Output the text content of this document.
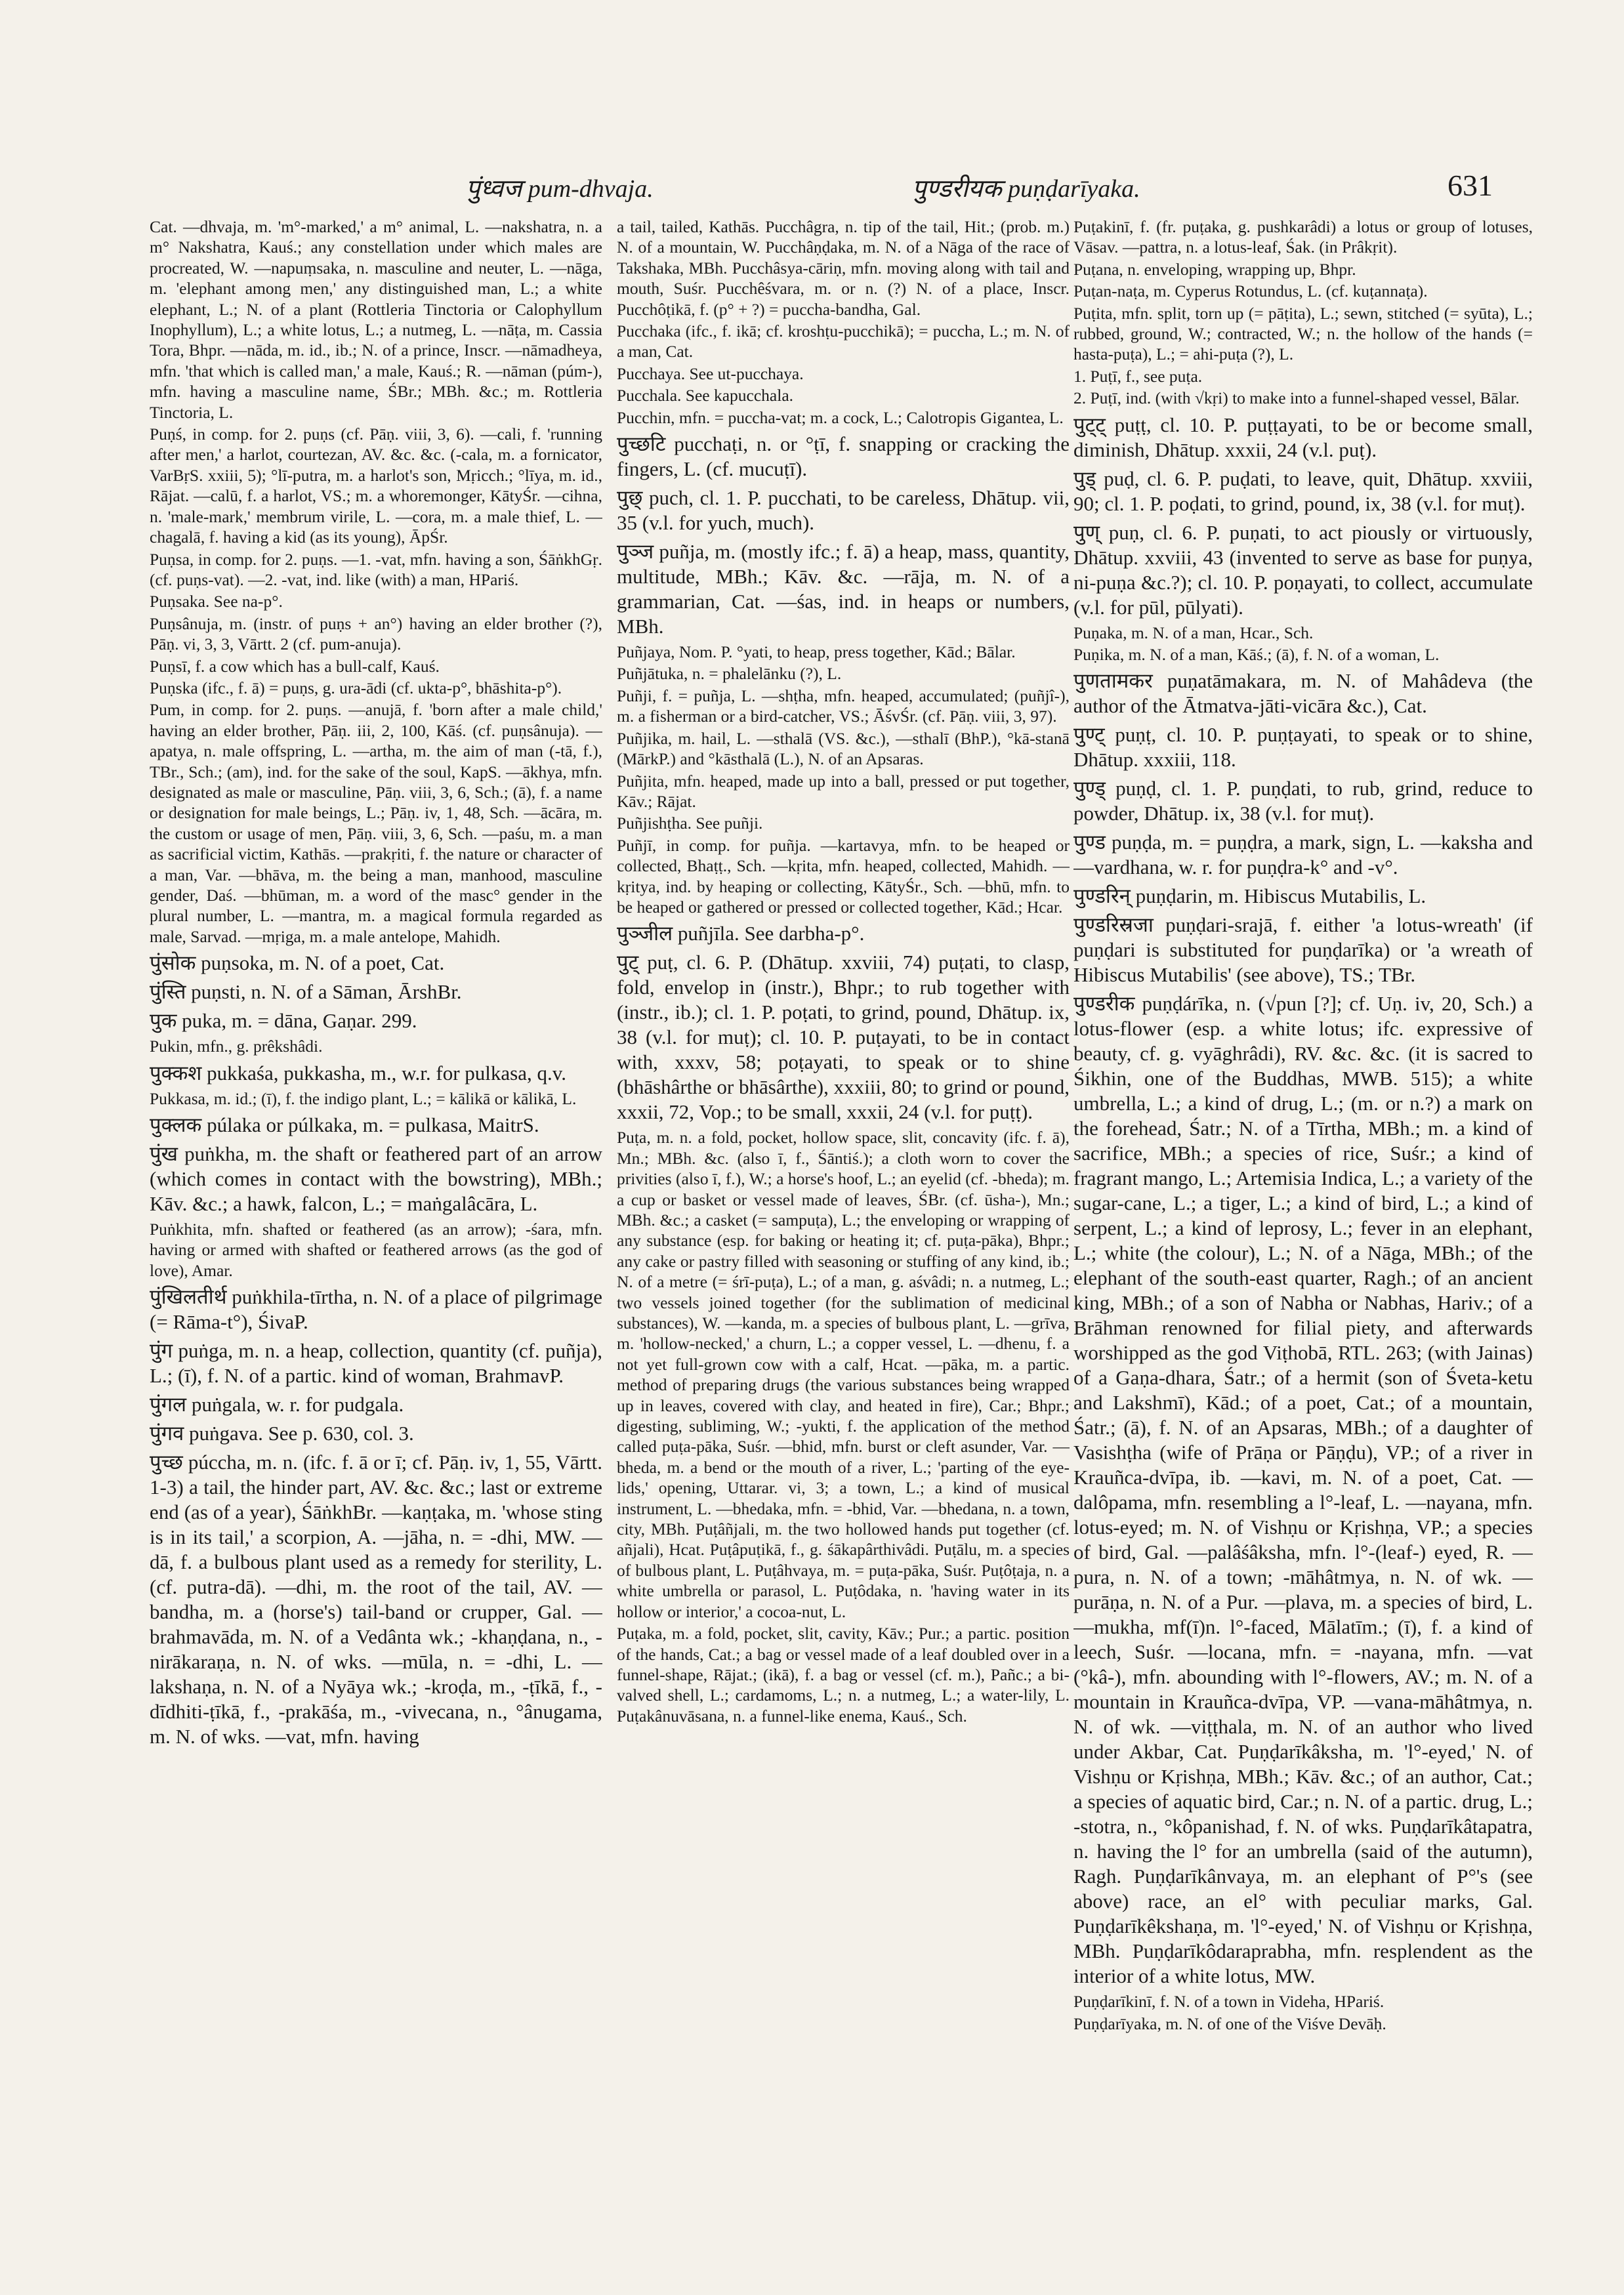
पुंध्वज pum-dhvaja.	पुण्डरीयक puṇḍarīyaka.	631

Cat. —dhvaja, m. 'm°-marked,' a m° animal, L. —nakshatra, n. a m° Nakshatra, Kauś.; any constellation under which males are procreated, W. —napuṃsaka, n. masculine and neuter, L. —nāga, m. 'elephant among men,' any distinguished man, L.; a white elephant, L.; N. of a plant (Rottleria Tinctoria or Calophyllum Inophyllum), L.; a white lotus, L.; a nutmeg, L. —nāṭa, m. Cassia Tora, Bhpr. —nāda, m. id., ib.; N. of a prince, Inscr. —nāmadheya, mfn. 'that which is called man,' a male, Kauś.; R. —nāman (púm-), mfn. having a masculine name, ŚBr.; MBh. &c.; m. Rottleria Tinctoria, L.

Puṇś, in comp. for 2. puṇs (cf. Pāṇ. viii, 3, 6). —cali, f. 'running after men,' a harlot, courtezan, AV. &c. &c. (-cala, m. a fornicator, VarBṛS. xxiii, 5); °lī-putra, m. a harlot's son, Mṛicch.; °līya, m. id., Rājat. —calū, f. a harlot, VS.; m. a whoremonger, KātyŚr. —cihna, n. 'male-mark,' membrum virile, L. —cora, m. a male thief, L. —chagalā, f. having a kid (as its young), ĀpŚr.

Puṇsa, in comp. for 2. puṇs. —1. -vat, mfn. having a son, ŚāṅkhGṛ. (cf. puṇs-vat). —2. -vat, ind. like (with) a man, HPariś.

Puṇsaka. See na-p°.

Puṇsânuja, m. (instr. of puṇs + an°) having an elder brother (?), Pāṇ. vi, 3, 3, Vārtt. 2 (cf. pum-anuja).

Puṇsī, f. a cow which has a bull-calf, Kauś.

Puṇska (ifc., f. ā) = puṇs, g. ura-ādi (cf. ukta-p°, bhāshita-p°).

Pum, in comp. for 2. puṇs. —anujā, f. 'born after a male child,' having an elder brother, Pāṇ. iii, 2, 100, Kāś. (cf. puṇsânuja). —apatya, n. male offspring, L. —artha, m. the aim of man (-tā, f.), TBr., Sch.; (am), ind. for the sake of the soul, KapS. —ākhya, mfn. designated as male or masculine, Pāṇ. viii, 3, 6, Sch.; (ā), f. a name or designation for male beings, L.; Pāṇ. iv, 1, 48, Sch. —ācāra, m. the custom or usage of men, Pāṇ. viii, 3, 6, Sch. —paśu, m. a man as sacrificial victim, Kathās. —prakṛiti, f. the nature or character of a man, Var. —bhāva, m. the being a man, manhood, masculine gender, Daś. —bhūman, m. a word of the masc° gender in the plural number, L. —mantra, m. a magical formula regarded as male, Sarvad. —mṛiga, m. a male antelope, Mahidh.

पुंसोक puṇsoka, m. N. of a poet, Cat.

पुंस्ति puṇsti, n. N. of a Sāman, ĀrshBr.

पुक puka, m. = dāna, Gaṇar. 299.

Pukin, mfn., g. prêkshâdi.

पुक्कश pukkaśa, pukkasha, m., w.r. for pulkasa, q.v.

Pukkasa, m. id.; (ī), f. the indigo plant, L.; = kālikā or kālikā, L.

पुक्लक púlaka or púlkaka, m. = pulkasa, MaitrS.

पुंख puṅkha, m. the shaft or feathered part of an arrow (which comes in contact with the bowstring), MBh.; Kāv. &c.; a hawk, falcon, L.; = maṅgalâcāra, L.

Puṅkhita, mfn. shafted or feathered (as an arrow); -śara, mfn. having or armed with shafted or feathered arrows (as the god of love), Amar.

पुंखिलतीर्थ puṅkhila-tīrtha, n. N. of a place of pilgrimage (= Rāma-t°), ŚivaP.

पुंग puṅga, m. n. a heap, collection, quantity (cf. puñja), L.; (ī), f. N. of a partic. kind of woman, BrahmavP.

पुंगल puṅgala, w. r. for pudgala.

पुंगव puṅgava. See p. 630, col. 3.

पुच्छ púccha, m. n. (ifc. f. ā or ī; cf. Pāṇ. iv, 1, 55, Vārtt. 1-3) a tail, the hinder part, AV. &c. &c.; last or extreme end (as of a year), ŚāṅkhBr. —kaṇṭaka, m. 'whose sting is in its tail,' a scorpion, A. —jāha, n. = -dhi, MW. —dā, f. a bulbous plant used as a remedy for sterility, L. (cf. putra-dā). —dhi, m. the root of the tail, AV. —bandha, m. a (horse's) tail-band or crupper, Gal. —brahmavāda, m. N. of a Vedânta wk.; -khaṇḍana, n., -nirākaraṇa, n. N. of wks. —mūla, n. = -dhi, L. —lakshaṇa, n. N. of a Nyāya wk.; -kroḍa, m., -ṭīkā, f., -dīdhiti-ṭīkā, f., -prakāśa, m., -vivecana, n., °ânugama, m. N. of wks. —vat, mfn. having

a tail, tailed, Kathās. Pucchâgra, n. tip of the tail, Hit.; (prob. m.) N. of a mountain, W. Pucchâṇḍaka, m. N. of a Nāga of the race of Takshaka, MBh. Pucchâsya-cāriṇ, mfn. moving along with tail and mouth, Suśr. Pucchêśvara, m. or n. (?) N. of a place, Inscr. Pucchôṭikā, f. (p° + ?) = puccha-bandha, Gal.

Pucchaka (ifc., f. ikā; cf. kroshṭu-pucchikā); = puccha, L.; m. N. of a man, Cat.

Pucchaya. See ut-pucchaya.

Pucchala. See kapucchala.

Pucchin, mfn. = puccha-vat; m. a cock, L.; Calotropis Gigantea, L.

पुच्छटि pucchaṭi, n. or °ṭī, f. snapping or cracking the fingers, L. (cf. mucuṭī).

पुछ् puch, cl. 1. P. pucchati, to be careless, Dhātup. vii, 35 (v.l. for yuch, much).

पुञ्ज puñja, m. (mostly ifc.; f. ā) a heap, mass, quantity, multitude, MBh.; Kāv. &c. —rāja, m. N. of a grammarian, Cat. —śas, ind. in heaps or numbers, MBh.

Puñjaya, Nom. P. °yati, to heap, press together, Kād.; Bālar.

Puñjātuka, n. = phalelānku (?), L.

Puñji, f. = puñja, L. —shṭha, mfn. heaped, accumulated; (puñjî-), m. a fisherman or a bird-catcher, VS.; ĀśvŚr. (cf. Pāṇ. viii, 3, 97).

Puñjika, m. hail, L. —sthalā (VS. &c.), —sthalī (BhP.), °kā-stanā (MārkP.) and °kāsthalā (L.), N. of an Apsaras.

Puñjita, mfn. heaped, made up into a ball, pressed or put together, Kāv.; Rājat.

Puñjishṭha. See puñji.

Puñjī, in comp. for puñja. —kartavya, mfn. to be heaped or collected, Bhaṭṭ., Sch. —kṛita, mfn. heaped, collected, Mahidh. —kṛitya, ind. by heaping or collecting, KātyŚr., Sch. —bhū, mfn. to be heaped or gathered or pressed or collected together, Kād.; Hcar.

पुञ्जील puñjīla. See darbha-p°.

पुट् puṭ, cl. 6. P. (Dhātup. xxviii, 74) puṭati, to clasp, fold, envelop in (instr.), Bhpr.; to rub together with (instr., ib.); cl. 1. P. poṭati, to grind, pound, Dhātup. ix, 38 (v.l. for muṭ); cl. 10. P. puṭayati, to be in contact with, xxxv, 58; poṭayati, to speak or to shine (bhāshârthe or bhāsârthe), xxxiii, 80; to grind or pound, xxxii, 72, Vop.; to be small, xxxii, 24 (v.l. for puṭṭ).

Puṭa, m. n. a fold, pocket, hollow space, slit, concavity (ifc. f. ā), Mn.; MBh. &c. (also ī, f., Śāntiś.); a cloth worn to cover the privities (also ī, f.), W.; a horse's hoof, L.; an eyelid (cf. -bheda); m. a cup or basket or vessel made of leaves, ŚBr. (cf. ūsha-), Mn.; MBh. &c.; a casket (= sampuṭa), L.; the enveloping or wrapping of any substance (esp. for baking or heating it; cf. puṭa-pāka), Bhpr.; any cake or pastry filled with seasoning or stuffing of any kind, ib.; N. of a metre (= śrī-puṭa), L.; of a man, g. aśvâdi; n. a nutmeg, L.; two vessels joined together (for the sublimation of medicinal substances), W. —kanda, m. a species of bulbous plant, L. —grīva, m. 'hollow-necked,' a churn, L.; a copper vessel, L. —dhenu, f. a not yet full-grown cow with a calf, Hcat. —pāka, m. a partic. method of preparing drugs (the various substances being wrapped up in leaves, covered with clay, and heated in fire), Car.; Bhpr.; digesting, subliming, W.; -yukti, f. the application of the method called puṭa-pāka, Suśr. —bhid, mfn. burst or cleft asunder, Var. —bheda, m. a bend or the mouth of a river, L.; 'parting of the eye-lids,' opening, Uttarar. vi, 3; a town, L.; a kind of musical instrument, L. —bhedaka, mfn. = -bhid, Var. —bhedana, n. a town, city, MBh. Puṭâñjali, m. the two hollowed hands put together (cf. añjali), Hcat. Puṭâpuṭikā, f., g. śākapârthivâdi. Puṭālu, m. a species of bulbous plant, L. Puṭâhvaya, m. = puṭa-pāka, Suśr. Puṭôṭaja, n. a white umbrella or parasol, L. Puṭôdaka, n. 'having water in its hollow or interior,' a cocoa-nut, L.

Puṭaka, m. a fold, pocket, slit, cavity, Kāv.; Pur.; a partic. position of the hands, Cat.; a bag or vessel made of a leaf doubled over in a funnel-shape, Rājat.; (ikā), f. a bag or vessel (cf. m.), Pañc.; a bi-valved shell, L.; cardamoms, L.; n. a nutmeg, L.; a water-lily, L. Puṭakânuvāsana, n. a funnel-like enema, Kauś., Sch.

Puṭakinī, f. (fr. puṭaka, g. pushkarâdi) a lotus or group of lotuses, Vāsav. —pattra, n. a lotus-leaf, Śak. (in Prâkṛit).

Puṭana, n. enveloping, wrapping up, Bhpr.

Puṭan-naṭa, m. Cyperus Rotundus, L. (cf. kuṭannaṭa).

Puṭita, mfn. split, torn up (= pāṭita), L.; sewn, stitched (= syūta), L.; rubbed, ground, W.; contracted, W.; n. the hollow of the hands (= hasta-puṭa), L.; = ahi-puṭa (?), L.

1. Puṭī, f., see puṭa.

2. Puṭī, ind. (with √kṛi) to make into a funnel-shaped vessel, Bālar.

पुट्ट् puṭṭ, cl. 10. P. puṭṭayati, to be or become small, diminish, Dhātup. xxxii, 24 (v.l. puṭ).

पुड् puḍ, cl. 6. P. puḍati, to leave, quit, Dhātup. xxviii, 90; cl. 1. P. poḍati, to grind, pound, ix, 38 (v.l. for muṭ).

पुण् puṇ, cl. 6. P. puṇati, to act piously or virtuously, Dhātup. xxviii, 43 (invented to serve as base for puṇya, ni-puṇa &c.?); cl. 10. P. poṇayati, to collect, accumulate (v.l. for pūl, pūlyati).

Puṇaka, m. N. of a man, Hcar., Sch.

Puṇika, m. N. of a man, Kāś.; (ā), f. N. of a woman, L.

पुणतामकर puṇatāmakara, m. N. of Mahâdeva (the author of the Ātmatva-jāti-vicāra &c.), Cat.

पुण्ट् puṇṭ, cl. 10. P. puṇṭayati, to speak or to shine, Dhātup. xxxiii, 118.

पुण्ड् puṇḍ, cl. 1. P. puṇḍati, to rub, grind, reduce to powder, Dhātup. ix, 38 (v.l. for muṭ).

पुण्ड puṇḍa, m. = puṇḍra, a mark, sign, L. —kaksha and —vardhana, w. r. for puṇḍra-k° and -v°.

पुण्डरिन् puṇḍarin, m. Hibiscus Mutabilis, L.

पुण्डरिस्रजा puṇḍari-srajā, f. either 'a lotus-wreath' (if puṇḍari is substituted for puṇḍarīka) or 'a wreath of Hibiscus Mutabilis' (see above), TS.; TBr.

पुण्डरीक puṇḍárīka, n. (√pun [?]; cf. Uṇ. iv, 20, Sch.) a lotus-flower (esp. a white lotus; ifc. expressive of beauty, cf. g. vyāghrâdi), RV. &c. &c. (it is sacred to Śikhin, one of the Buddhas, MWB. 515); a white umbrella, L.; a kind of drug, L.; (m. or n.?) a mark on the forehead, Śatr.; N. of a Tīrtha, MBh.; m. a kind of sacrifice, MBh.; a species of rice, Suśr.; a kind of fragrant mango, L.; Artemisia Indica, L.; a variety of the sugar-cane, L.; a tiger, L.; a kind of bird, L.; a kind of serpent, L.; a kind of leprosy, L.; fever in an elephant, L.; white (the colour), L.; N. of a Nāga, MBh.; of the elephant of the south-east quarter, Ragh.; of an ancient king, MBh.; of a son of Nabha or Nabhas, Hariv.; of a Brāhman renowned for filial piety, and afterwards worshipped as the god Viṭhobā, RTL. 263; (with Jainas) of a Gaṇa-dhara, Śatr.; of a hermit (son of Śveta-ketu and Lakshmī), Kād.; of a poet, Cat.; of a mountain, Śatr.; (ā), f. N. of an Apsaras, MBh.; of a daughter of Vasishṭha (wife of Prāṇa or Pāṇḍu), VP.; of a river in Krauñca-dvīpa, ib. —kavi, m. N. of a poet, Cat. —dalôpama, mfn. resembling a l°-leaf, L. —nayana, mfn. lotus-eyed; m. N. of Vishṇu or Kṛishṇa, VP.; a species of bird, Gal. —palâśâksha, mfn. l°-(leaf-) eyed, R. —pura, n. N. of a town; -māhâtmya, n. N. of wk. —purāṇa, n. N. of a Pur. —plava, m. a species of bird, L. —mukha, mf(ī)n. l°-faced, Mālatīm.; (ī), f. a kind of leech, Suśr. —locana, mfn. = -nayana, mfn. —vat (°kâ-), mfn. abounding with l°-flowers, AV.; m. N. of a mountain in Krauñca-dvīpa, VP. —vana-māhâtmya, n. N. of wk. —viṭṭhala, m. N. of an author who lived under Akbar, Cat. Puṇḍarīkâksha, m. 'l°-eyed,' N. of Vishṇu or Kṛishṇa, MBh.; Kāv. &c.; of an author, Cat.; a species of aquatic bird, Car.; n. N. of a partic. drug, L.; -stotra, n., °kôpanishad, f. N. of wks. Puṇḍarīkâtapatra, n. having the l° for an umbrella (said of the autumn), Ragh. Puṇḍarīkânvaya, m. an elephant of P°'s (see above) race, an el° with peculiar marks, Gal. Puṇḍarīkêkshaṇa, m. 'l°-eyed,' N. of Vishṇu or Kṛishṇa, MBh. Puṇḍarīkôdaraprabha, mfn. resplendent as the interior of a white lotus, MW.

Puṇḍarīkinī, f. N. of a town in Videha, HPariś.

Puṇḍarīyaka, m. N. of one of the Viśve Devāḥ.
